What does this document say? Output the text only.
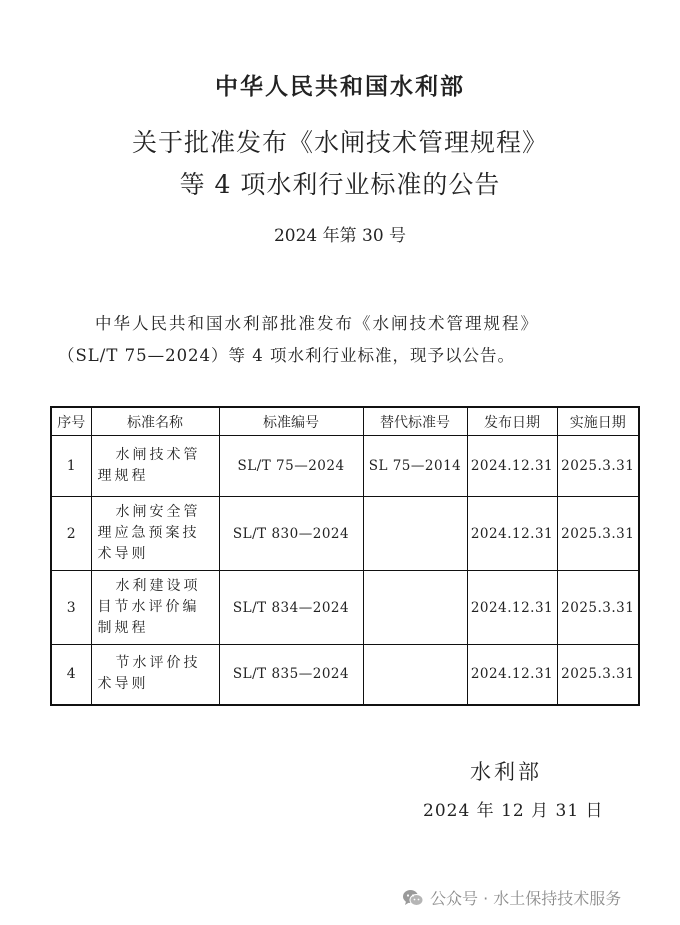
中华人民共和国水利部
关于批准发布《水闸技术管理规程》
等 4 项水利行业标准的公告
2024 年第 30 号
中华人民共和国水利部批准发布《水闸技术管理规程》
（SL/T 75—2024）等 4 项水利行业标准，现予以公告。
序号	标准名称	标准编号	替代标准号	发布日期	实施日期
1	水闸技术管
理规程	SL/T 75—2024	SL 75—2014	2024.12.31	2025.3.31
2	水闸安全管
理应急预案技
术导则	SL/T 830—2024		2024.12.31	2025.3.31
3	水利建设项
目节水评价编
制规程	SL/T 834—2024		2024.12.31	2025.3.31
4	节水评价技
术导则	SL/T 835—2024		2024.12.31	2025.3.31
水利部
2024 年 12 月 31 日
公众号 · 水土保持技术服务
